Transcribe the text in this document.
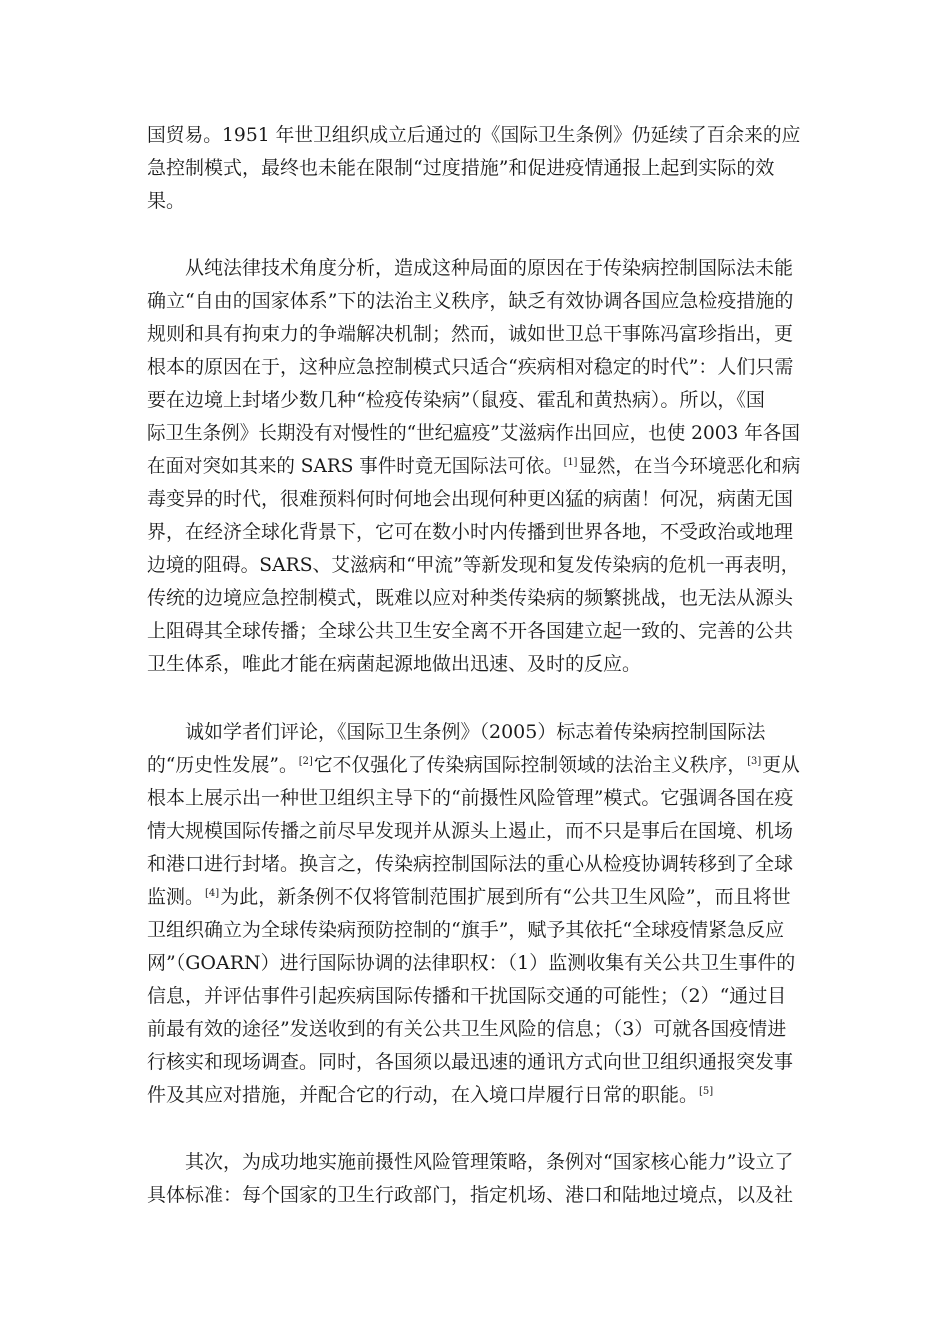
国贸易。1951 年世卫组织成立后通过的《国际卫生条例》仍延续了百余来的应

急控制模式，最终也未能在限制“过度措施”和促进疫情通报上起到实际的效

果。

从纯法律技术角度分析，造成这种局面的原因在于传染病控制国际法未能

确立“自由的国家体系”下的法治主义秩序，缺乏有效协调各国应急检疫措施的

规则和具有拘束力的争端解决机制；然而，诚如世卫总干事陈冯富珍指出，更

根本的原因在于，这种应急控制模式只适合“疾病相对稳定的时代”：人们只需

要在边境上封堵少数几种“检疫传染病”（鼠疫、霍乱和黄热病）。所以，《国

际卫生条例》长期没有对慢性的“世纪瘟疫”艾滋病作出回应，也使 2003 年各国

在面对突如其来的 SARS 事件时竟无国际法可依。[1]显然，在当今环境恶化和病

毒变异的时代，很难预料何时何地会出现何种更凶猛的病菌！何况，病菌无国

界，在经济全球化背景下，它可在数小时内传播到世界各地，不受政治或地理

边境的阻碍。SARS、艾滋病和“甲流”等新发现和复发传染病的危机一再表明，

传统的边境应急控制模式，既难以应对种类传染病的频繁挑战，也无法从源头

上阻碍其全球传播；全球公共卫生安全离不开各国建立起一致的、完善的公共

卫生体系，唯此才能在病菌起源地做出迅速、及时的反应。

诚如学者们评论，《国际卫生条例》（2005）标志着传染病控制国际法

的“历史性发展”。[2]它不仅强化了传染病国际控制领域的法治主义秩序，[3]更从

根本上展示出一种世卫组织主导下的“前摄性风险管理”模式。它强调各国在疫

情大规模国际传播之前尽早发现并从源头上遏止，而不只是事后在国境、机场

和港口进行封堵。换言之，传染病控制国际法的重心从检疫协调转移到了全球

监测。[4]为此，新条例不仅将管制范围扩展到所有“公共卫生风险”，而且将世

卫组织确立为全球传染病预防控制的“旗手”，赋予其依托“全球疫情紧急反应

网”（GOARN）进行国际协调的法律职权：（1）监测收集有关公共卫生事件的

信息，并评估事件引起疾病国际传播和干扰国际交通的可能性；（2）“通过目

前最有效的途径”发送收到的有关公共卫生风险的信息；（3）可就各国疫情进

行核实和现场调查。同时，各国须以最迅速的通讯方式向世卫组织通报突发事

件及其应对措施，并配合它的行动，在入境口岸履行日常的职能。[5]

其次，为成功地实施前摄性风险管理策略，条例对“国家核心能力”设立了

具体标准：每个国家的卫生行政部门，指定机场、港口和陆地过境点，以及社
